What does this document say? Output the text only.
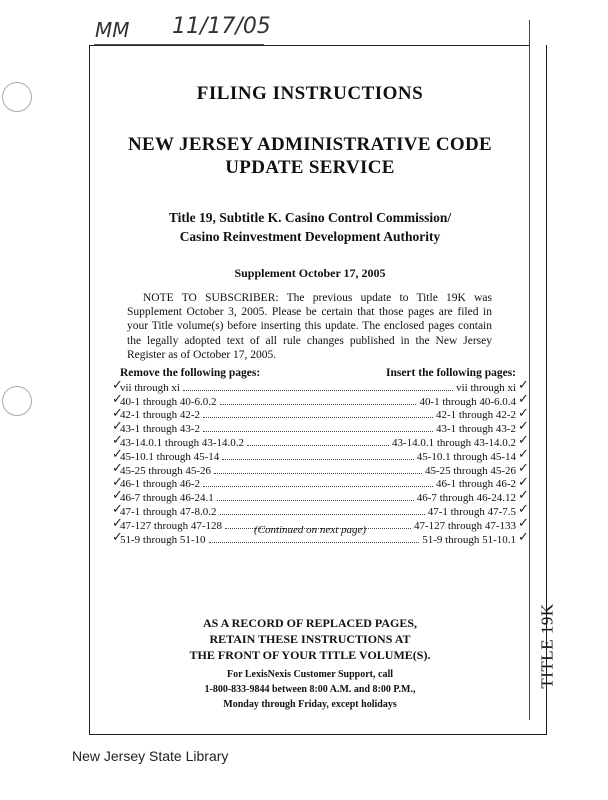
MM 11/17/05
FILING INSTRUCTIONS
NEW JERSEY ADMINISTRATIVE CODE
UPDATE SERVICE
Title 19, Subtitle K. Casino Control Commission/
Casino Reinvestment Development Authority
Supplement October 17, 2005
NOTE TO SUBSCRIBER: The previous update to Title 19K was Supplement October 3, 2005. Please be certain that those pages are filed in your Title volume(s) before inserting this update. The enclosed pages contain the legally adopted text of all rule changes published in the New Jersey Register as of October 17, 2005.
Remove the following pages:	Insert the following pages:
vii through xi	vii through xi
40-1 through 40-6.0.2	40-1 through 40-6.0.4
42-1 through 42-2	42-1 through 42-2
43-1 through 43-2	43-1 through 43-2
43-14.0.1 through 43-14.0.2	43-14.0.1 through 43-14.0.2
45-10.1 through 45-14	45-10.1 through 45-14
45-25 through 45-26	45-25 through 45-26
46-1 through 46-2	46-1 through 46-2
46-7 through 46-24.1	46-7 through 46-24.12
47-1 through 47-8.0.2	47-1 through 47-7.5
47-127 through 47-128	47-127 through 47-133
51-9 through 51-10	51-9 through 51-10.1
(Continued on next page)
AS A RECORD OF REPLACED PAGES,
RETAIN THESE INSTRUCTIONS AT
THE FRONT OF YOUR TITLE VOLUME(S).
For LexisNexis Customer Support, call
1-800-833-9844 between 8:00 A.M. and 8:00 P.M.,
Monday through Friday, except holidays
TITLE 19K
New Jersey State Library
✓	✓
✓	✓
✓	✓
✓	✓
✓	✓
✓	✓
✓	✓
✓	✓
✓	✓
✓	✓
✓	✓
✓	✓
